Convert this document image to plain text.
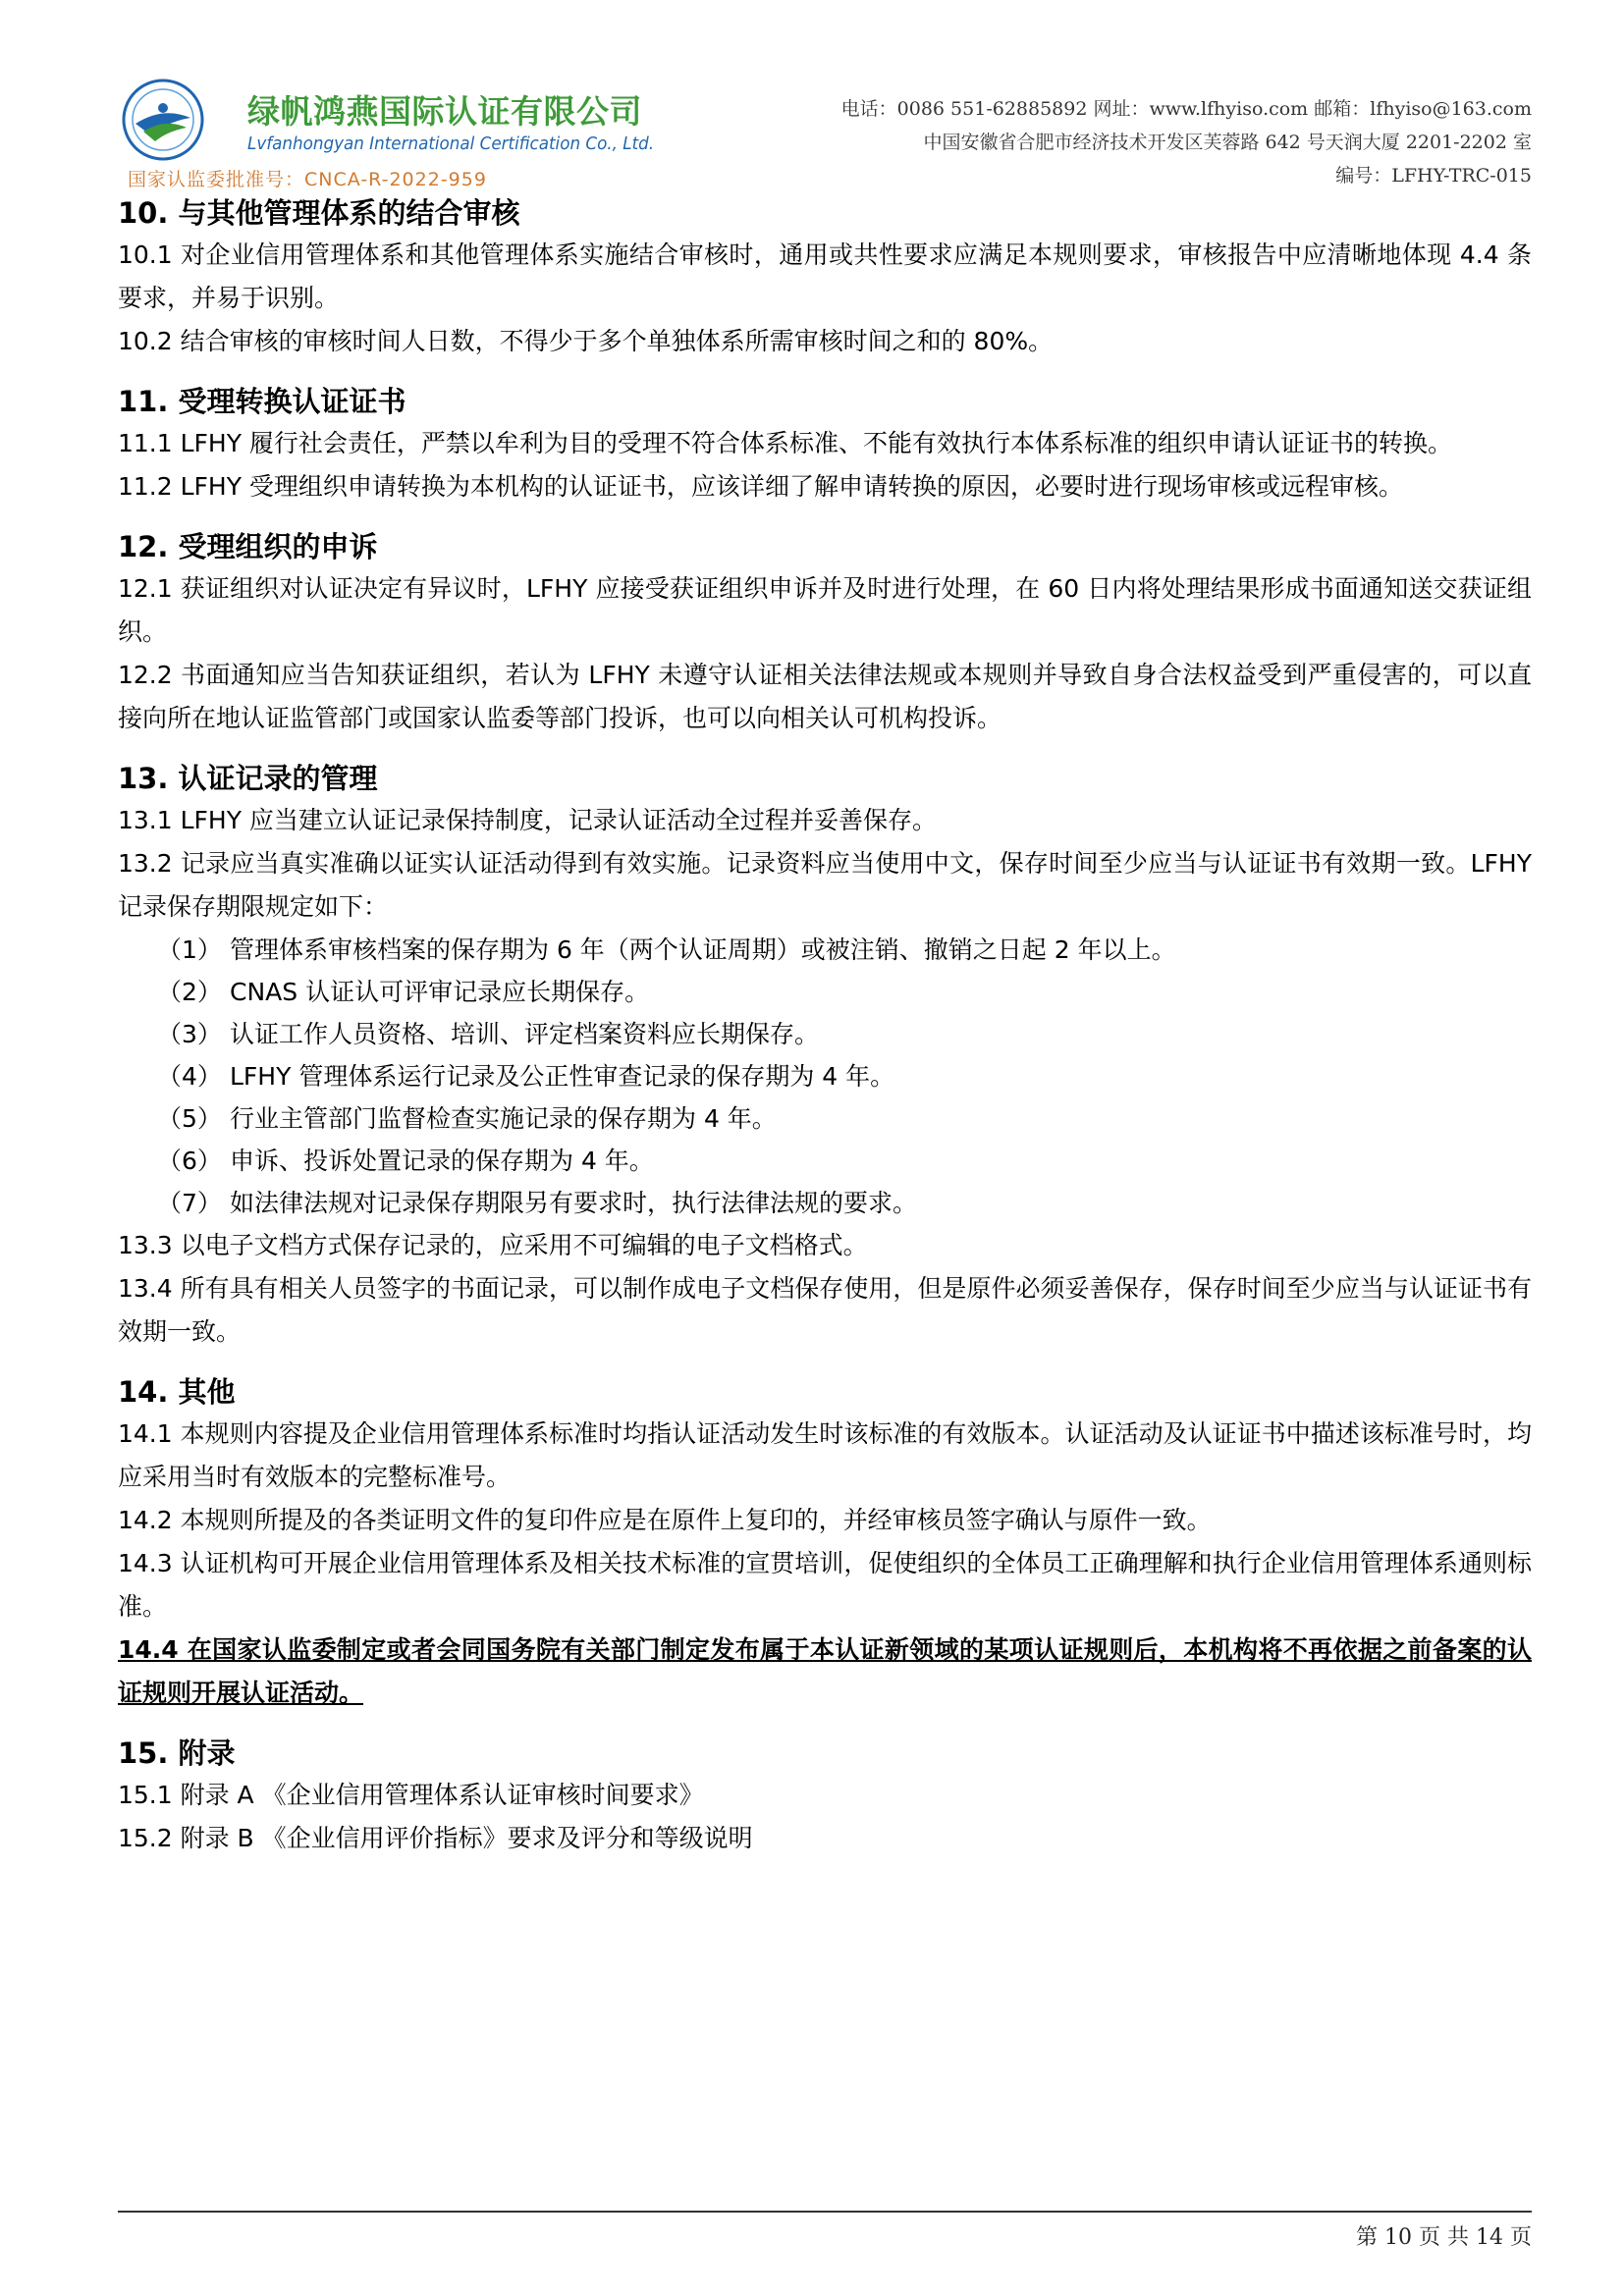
绿帆鸿燕国际认证有限公司
Lvfanhongyan International Certification Co., Ltd.
国家认监委批准号：CNCA-R-2022-959
电话：0086 551-62885892 网址：www.lfhyiso.com 邮箱：lfhyiso@163.com
中国安徽省合肥市经济技术开发区芙蓉路 642 号天润大厦 2201-2202 室
编号：LFHY-TRC-015
10. 与其他管理体系的结合审核

10.1 对企业信用管理体系和其他管理体系实施结合审核时，通用或共性要求应满足本规则要求，审核报告中应清晰地体现 4.4 条要求，并易于识别。

10.2 结合审核的审核时间人日数，不得少于多个单独体系所需审核时间之和的 80%。

11. 受理转换认证证书

11.1 LFHY 履行社会责任，严禁以牟利为目的受理不符合体系标准、不能有效执行本体系标准的组织申请认证证书的转换。

11.2 LFHY 受理组织申请转换为本机构的认证证书，应该详细了解申请转换的原因，必要时进行现场审核或远程审核。

12. 受理组织的申诉

12.1 获证组织对认证决定有异议时，LFHY 应接受获证组织申诉并及时进行处理，在 60 日内将处理结果形成书面通知送交获证组织。

12.2 书面通知应当告知获证组织，若认为 LFHY 未遵守认证相关法律法规或本规则并导致自身合法权益受到严重侵害的，可以直接向所在地认证监管部门或国家认监委等部门投诉，也可以向相关认可机构投诉。

13. 认证记录的管理

13.1 LFHY 应当建立认证记录保持制度，记录认证活动全过程并妥善保存。

13.2 记录应当真实准确以证实认证活动得到有效实施。记录资料应当使用中文，保存时间至少应当与认证证书有效期一致。LFHY 记录保存期限规定如下：

（1） 管理体系审核档案的保存期为 6 年（两个认证周期）或被注销、撤销之日起 2 年以上。

（2） CNAS 认证认可评审记录应长期保存。

（3） 认证工作人员资格、培训、评定档案资料应长期保存。

（4） LFHY 管理体系运行记录及公正性审查记录的保存期为 4 年。

（5） 行业主管部门监督检查实施记录的保存期为 4 年。

（6） 申诉、投诉处置记录的保存期为 4 年。

（7） 如法律法规对记录保存期限另有要求时，执行法律法规的要求。

13.3 以电子文档方式保存记录的，应采用不可编辑的电子文档格式。

13.4 所有具有相关人员签字的书面记录，可以制作成电子文档保存使用，但是原件必须妥善保存，保存时间至少应当与认证证书有效期一致。

14. 其他

14.1 本规则内容提及企业信用管理体系标准时均指认证活动发生时该标准的有效版本。认证活动及认证证书中描述该标准号时，均应采用当时有效版本的完整标准号。

14.2 本规则所提及的各类证明文件的复印件应是在原件上复印的，并经审核员签字确认与原件一致。

14.3 认证机构可开展企业信用管理体系及相关技术标准的宣贯培训，促使组织的全体员工正确理解和执行企业信用管理体系通则标准。

14.4 在国家认监委制定或者会同国务院有关部门制定发布属于本认证新领域的某项认证规则后，本机构将不再依据之前备案的认证规则开展认证活动。

15. 附录

15.1 附录 A 《企业信用管理体系认证审核时间要求》

15.2 附录 B 《企业信用评价指标》要求及评分和等级说明

第 10 页 共 14 页
